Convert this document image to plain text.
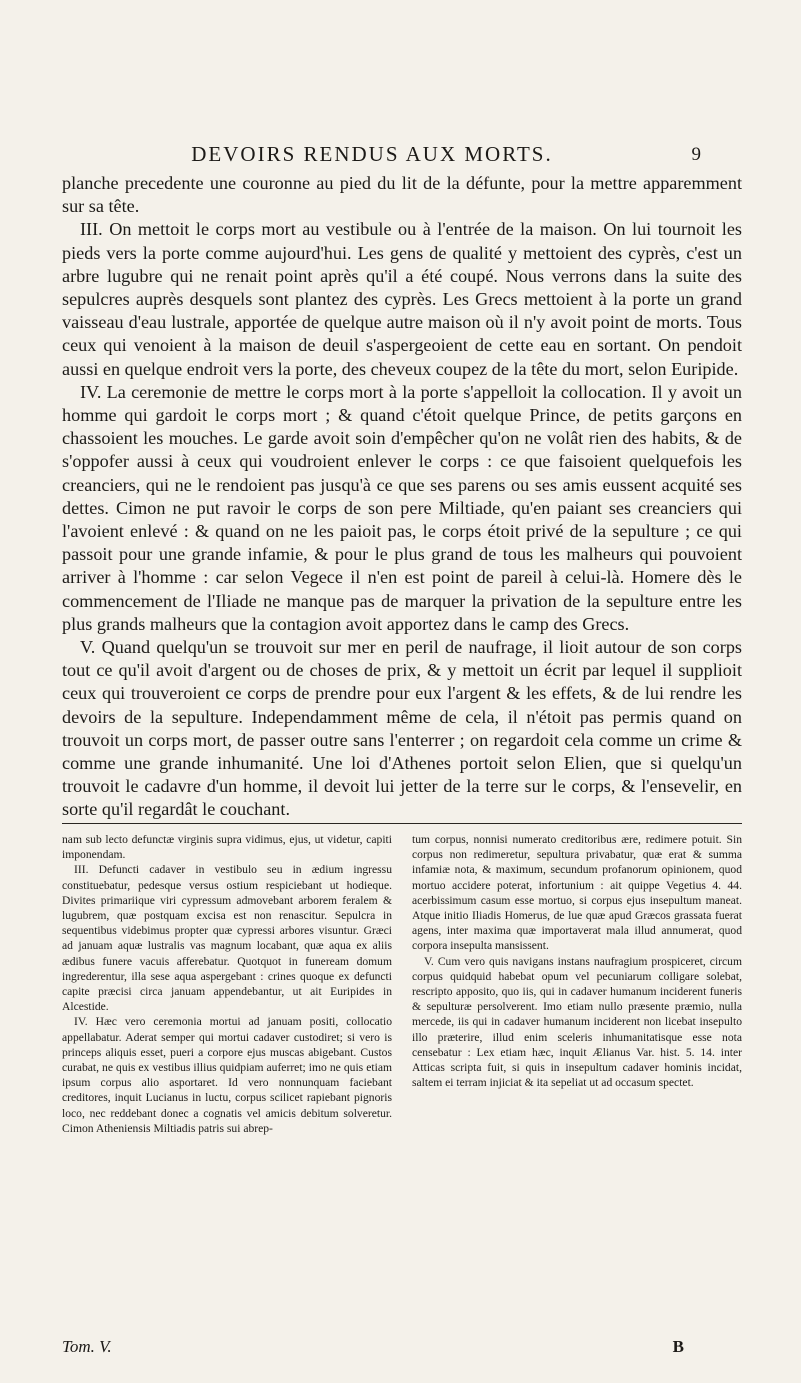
DEVOIRS RENDUS AUX MORTS.	9

planche precedente une couronne au pied du lit de la défunte, pour la mettre apparemment sur sa tête.

III. On mettoit le corps mort au vestibule ou à l'entrée de la maison. On lui tournoit les pieds vers la porte comme aujourd'hui. Les gens de qualité y mettoient des cyprès, c'est un arbre lugubre qui ne renait point après qu'il a été coupé. Nous verrons dans la suite des sepulcres auprès desquels sont plantez des cyprès. Les Grecs mettoient à la porte un grand vaisseau d'eau lustrale, apportée de quelque autre maison où il n'y avoit point de morts. Tous ceux qui venoient à la maison de deuil s'aspergeoient de cette eau en sortant. On pendoit aussi en quelque endroit vers la porte, des cheveux coupez de la tête du mort, selon Euripide.

IV. La ceremonie de mettre le corps mort à la porte s'appelloit la collocation. Il y avoit un homme qui gardoit le corps mort ; & quand c'étoit quelque Prince, de petits garçons en chassoient les mouches. Le garde avoit soin d'empêcher qu'on ne volât rien des habits, & de s'oppofer aussi à ceux qui voudroient enlever le corps : ce que faisoient quelquefois les creanciers, qui ne le rendoient pas jusqu'à ce que ses parens ou ses amis eussent acquité ses dettes. Cimon ne put ravoir le corps de son pere Miltiade, qu'en paiant ses creanciers qui l'avoient enlevé : & quand on ne les paioit pas, le corps étoit privé de la sepulture ; ce qui passoit pour une grande infamie, & pour le plus grand de tous les malheurs qui pouvoient arriver à l'homme : car selon Vegece il n'en est point de pareil à celui-là. Homere dès le commencement de l'Iliade ne manque pas de marquer la privation de la sepulture entre les plus grands malheurs que la contagion avoit apportez dans le camp des Grecs.

V. Quand quelqu'un se trouvoit sur mer en peril de naufrage, il lioit autour de son corps tout ce qu'il avoit d'argent ou de choses de prix, & y mettoit un écrit par lequel il supplioit ceux qui trouveroient ce corps de prendre pour eux l'argent & les effets, & de lui rendre les devoirs de la sepulture. Independamment même de cela, il n'étoit pas permis quand on trouvoit un corps mort, de passer outre sans l'enterrer ; on regardoit cela comme un crime & comme une grande inhumanité. Une loi d'Athenes portoit selon Elien, que si quelqu'un trouvoit le cadavre d'un homme, il devoit lui jetter de la terre sur le corps, & l'ensevelir, en sorte qu'il regardât le couchant.

nam sub lecto defunctæ virginis supra vidimus, ejus, ut videtur, capiti imponendam.

III. Defuncti cadaver in vestibulo seu in ædium ingressu constituebatur, pedesque versus ostium respiciebant ut hodieque. Divites primariique viri cypressum admovebant arborem feralem & lugubrem, quæ postquam excisa est non renascitur. Sepulcra in sequentibus videbimus propter quæ cypressi arbores visuntur. Græci ad januam aquæ lustralis vas magnum locabant, quæ aqua ex aliis ædibus funere vacuis afferebatur. Quotquot in funeream domum ingrederentur, illa sese aqua aspergebant : crines quoque ex defuncti capite præcisi circa januam appendebantur, ut ait Euripides in Alcestide.

IV. Hæc vero ceremonia mortui ad januam positi, collocatio appellabatur. Aderat semper qui mortui cadaver custodiret; si vero is princeps aliquis esset, pueri a corpore ejus muscas abigebant. Custos curabat, ne quis ex vestibus illius quidpiam auferret; imo ne quis etiam ipsum corpus alio asportaret. Id vero nonnunquam faciebant creditores, inquit Lucianus in luctu, corpus scilicet rapiebant pignoris loco, nec reddebant donec a cognatis vel amicis debitum solveretur. Cimon Atheniensis Miltiadis patris sui abrep-

tum corpus, nonnisi numerato creditoribus ære, redimere potuit. Sin corpus non redimeretur, sepultura privabatur, quæ erat & summa infamiæ nota, & maximum, secundum profanorum opinionem, quod mortuo accidere poterat, infortunium : ait quippe Vegetius 4. 44. acerbissimum casum esse mortuo, si corpus ejus insepultum maneat. Atque initio Iliadis Homerus, de lue quæ apud Græcos grassata fuerat agens, inter maxima quæ importaverat mala illud annumerat, quod corpora insepulta mansissent.

V. Cum vero quis navigans instans naufragium prospiceret, circum corpus quidquid habebat opum vel pecuniarum colligare solebat, rescripto apposito, quo iis, qui in cadaver humanum inciderent funeris & sepulturæ persolverent. Imo etiam nullo præsente præmio, nulla mercede, iis qui in cadaver humanum inciderent non licebat insepulto illo præterire, illud enim sceleris inhumanitatisque esse nota censebatur : Lex etiam hæc, inquit Ælianus Var. hist. 5. 14. inter Atticas scripta fuit, si quis in insepultum cadaver hominis incidat, saltem ei terram injiciat & ita sepeliat ut ad occasum spectet.

Tom. V.	B
